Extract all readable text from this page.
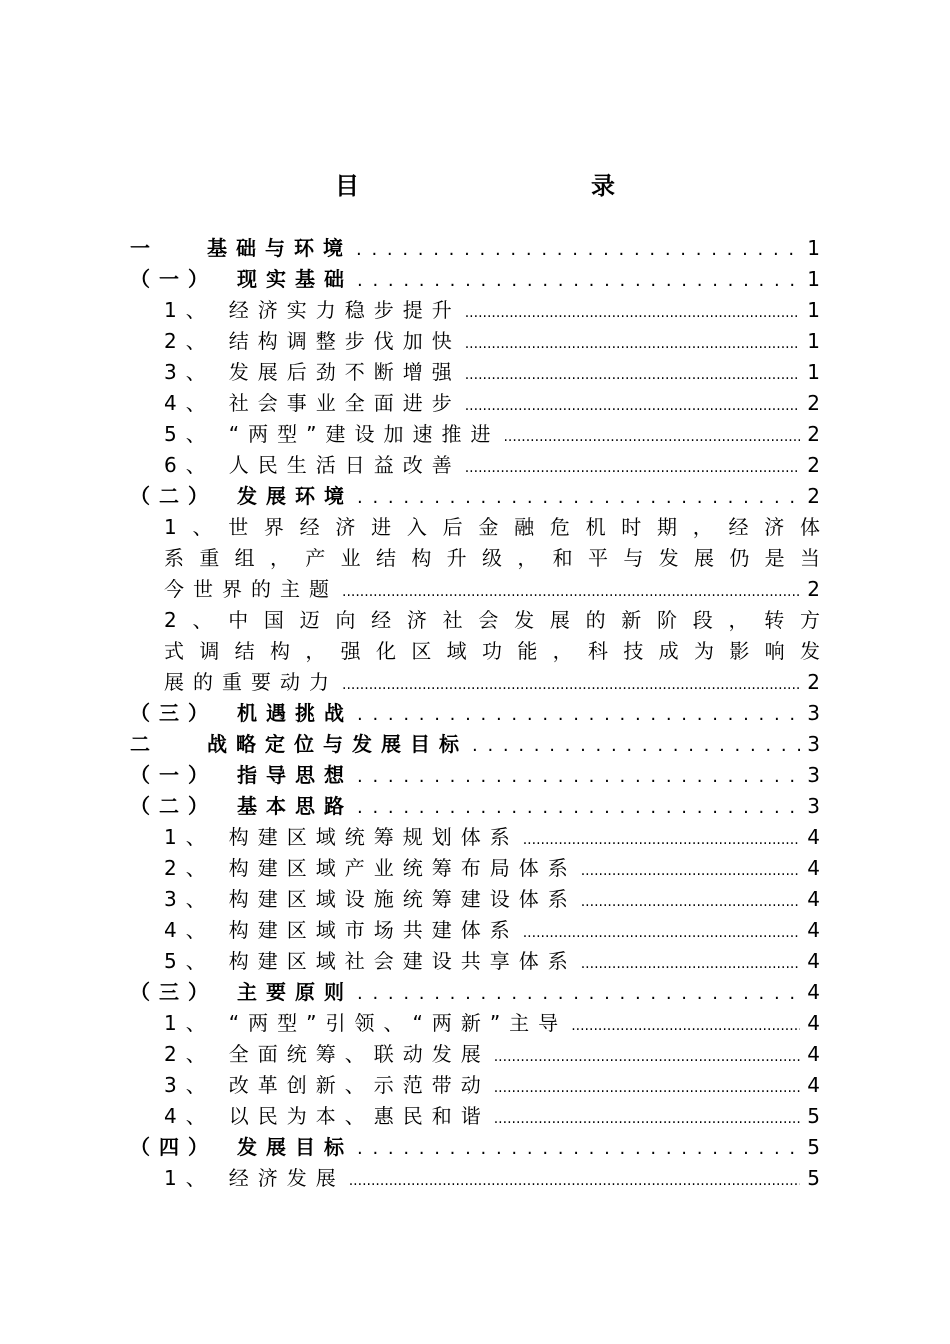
目　录
一 基础与环境 . . .	1
（一） 现实基础 . . .	1
1、 经济实力稳步提升 .....	1
2、 结构调整步伐加快 .....	1
3、 发展后劲不断增强 .....	1
4、 社会事业全面进步 .....	2
5、 “两型”建设加速推进 .....	2
6、 人民生活日益改善 .....	2
（二） 发展环境 . . .	2
1、世界经济进入后金融危机时期，经济体
系重组，产业结构升级，和平与发展仍是当
今世界的主题 .....	2
2、中国迈向经济社会发展的新阶段，转方
式调结构，强化区域功能，科技成为影响发
展的重要动力 .....	2
（三） 机遇挑战 . . .	3
二 战略定位与发展目标 . . .	3
（一） 指导思想 . . .	3
（二） 基本思路 . . .	3
1、 构建区域统筹规划体系 .....	4
2、 构建区域产业统筹布局体系 .....	4
3、 构建区域设施统筹建设体系 .....	4
4、 构建区域市场共建体系 .....	4
5、 构建区域社会建设共享体系 .....	4
（三） 主要原则 . . .	4
1、 “两型”引领、“两新”主导 .....	4
2、 全面统筹、联动发展 .....	4
3、 改革创新、示范带动 .....	4
4、 以民为本、惠民和谐 .....	5
（四） 发展目标 . . .	5
1、 经济发展 .....	5
